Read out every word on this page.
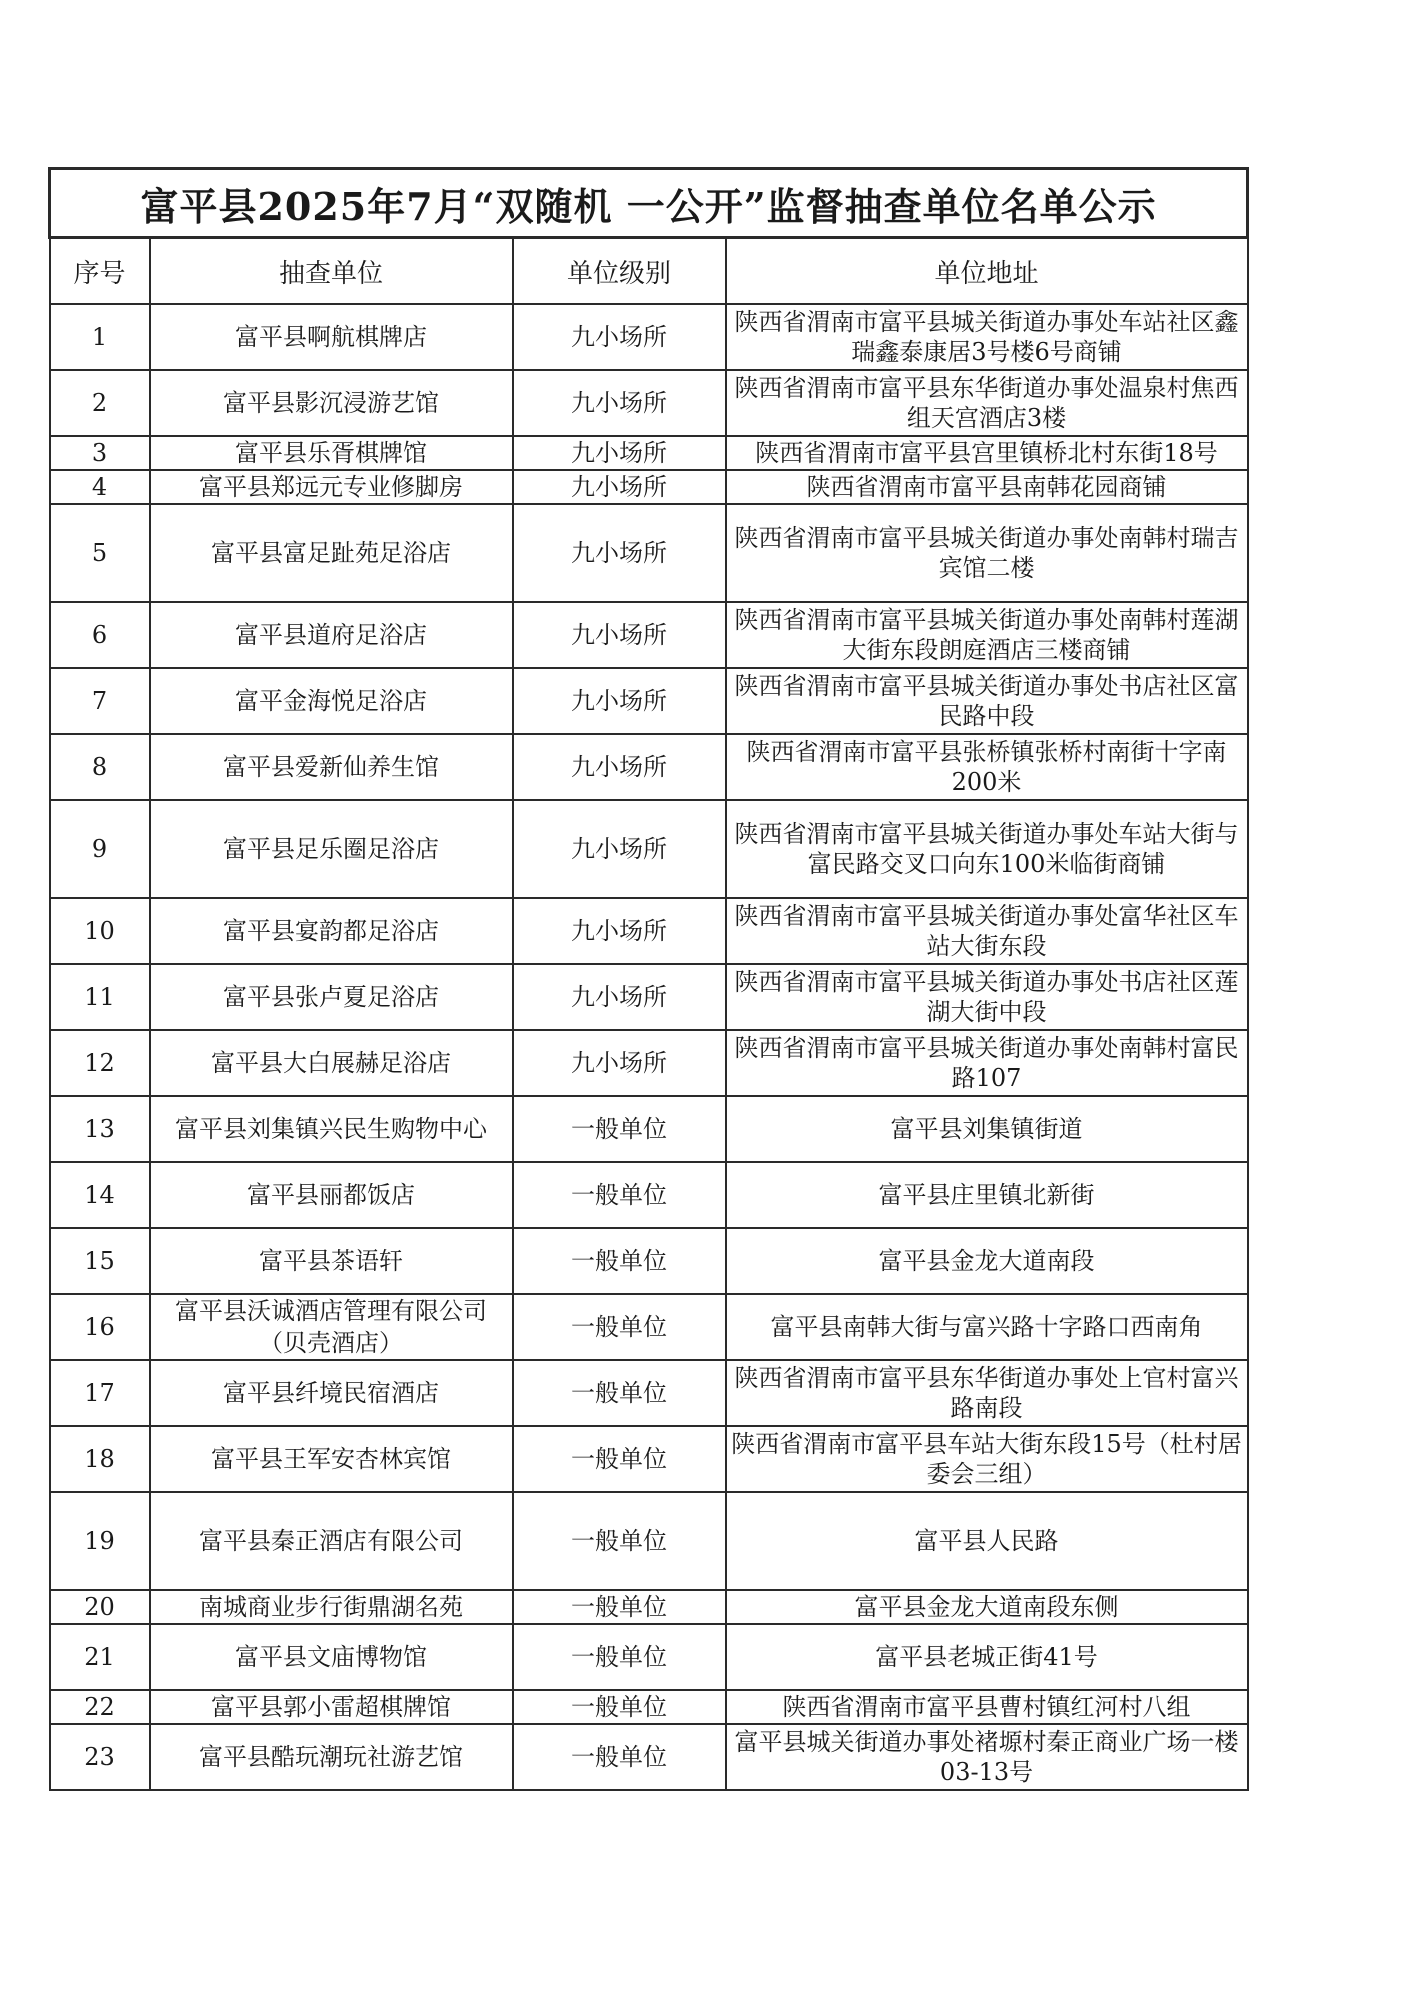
富平县2025年7月“双随机 一公开”监督抽查单位名单公示			
序号	抽查单位	单位级别	单位地址
1	富平县啊航棋牌店	九小场所	陕西省渭南市富平县城关街道办事处车站社区鑫瑞鑫泰康居3号楼6号商铺
2	富平县影沉浸游艺馆	九小场所	陕西省渭南市富平县东华街道办事处温泉村焦西组天宫酒店3楼
3	富平县乐胥棋牌馆	九小场所	陕西省渭南市富平县宫里镇桥北村东街18号
4	富平县郑远元专业修脚房	九小场所	陕西省渭南市富平县南韩花园商铺
5	富平县富足趾苑足浴店	九小场所	陕西省渭南市富平县城关街道办事处南韩村瑞吉宾馆二楼
6	富平县道府足浴店	九小场所	陕西省渭南市富平县城关街道办事处南韩村莲湖大街东段朗庭酒店三楼商铺
7	富平金海悦足浴店	九小场所	陕西省渭南市富平县城关街道办事处书店社区富民路中段
8	富平县爱新仙养生馆	九小场所	陕西省渭南市富平县张桥镇张桥村南街十字南200米
9	富平县足乐圈足浴店	九小场所	陕西省渭南市富平县城关街道办事处车站大街与富民路交叉口向东100米临街商铺
10	富平县宴韵都足浴店	九小场所	陕西省渭南市富平县城关街道办事处富华社区车站大街东段
11	富平县张卢夏足浴店	九小场所	陕西省渭南市富平县城关街道办事处书店社区莲湖大街中段
12	富平县大白展赫足浴店	九小场所	陕西省渭南市富平县城关街道办事处南韩村富民路107
13	富平县刘集镇兴民生购物中心	一般单位	富平县刘集镇街道
14	富平县丽都饭店	一般单位	富平县庄里镇北新街
15	富平县茶语轩	一般单位	富平县金龙大道南段
16	富平县沃诚酒店管理有限公司（贝壳酒店）	一般单位	富平县南韩大街与富兴路十字路口西南角
17	富平县纤境民宿酒店	一般单位	陕西省渭南市富平县东华街道办事处上官村富兴路南段
18	富平县王军安杏林宾馆	一般单位	陕西省渭南市富平县车站大街东段15号（杜村居委会三组）
19	富平县秦正酒店有限公司	一般单位	富平县人民路
20	南城商业步行街鼎湖名苑	一般单位	富平县金龙大道南段东侧
21	富平县文庙博物馆	一般单位	富平县老城正街41号
22	富平县郭小雷超棋牌馆	一般单位	陕西省渭南市富平县曹村镇红河村八组
23	富平县酷玩潮玩社游艺馆	一般单位	富平县城关街道办事处褚塬村秦正商业广场一楼03-13号
